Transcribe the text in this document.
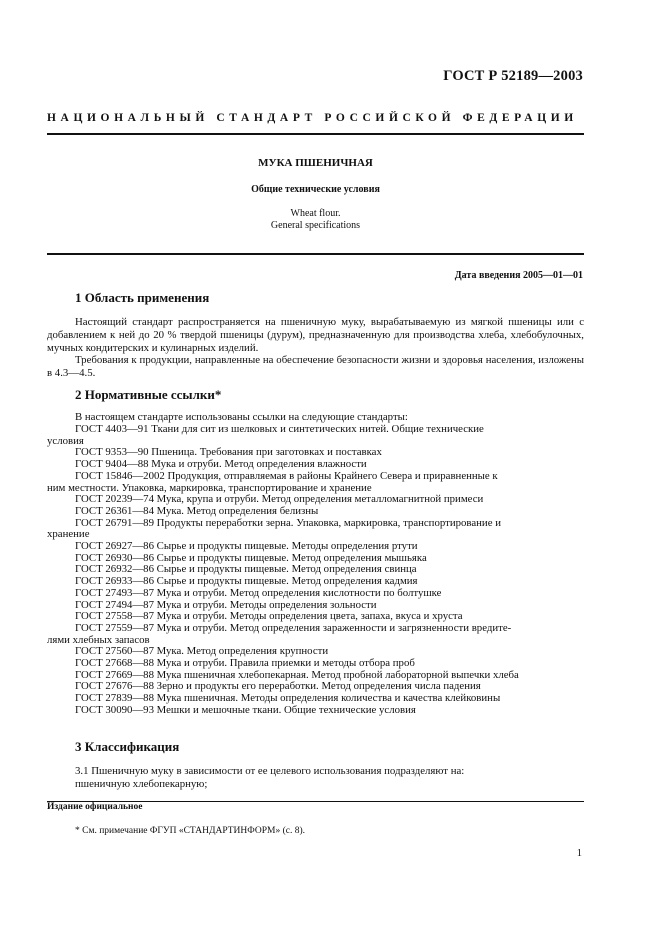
ГОСТ Р 52189—2003
НАЦИОНАЛЬНЫЙ СТАНДАРТ РОССИЙСКОЙ ФЕДЕРАЦИИ
МУКА ПШЕНИЧНАЯ
Общие технические условия
Wheat flour.
General specifications
Дата введения 2005—01—01
1 Область применения
Настоящий стандарт распространяется на пшеничную муку, вырабатываемую из мягкой пшеницы или с добавлением к ней до 20 % твердой пшеницы (дурум), предназначенную для производства хлеба, хлебобулочных, мучных кондитерских и кулинарных изделий.
Требования к продукции, направленные на обеспечение безопасности жизни и здоровья населения, изложены в 4.3—4.5.
2 Нормативные ссылки*
В настоящем стандарте использованы ссылки на следующие стандарты:
ГОСТ 4403—91 Ткани для сит из шелковых и синтетических нитей. Общие технические
условия
ГОСТ 9353—90 Пшеница. Требования при заготовках и поставках
ГОСТ 9404—88 Мука и отруби. Метод определения влажности
ГОСТ 15846—2002 Продукция, отправляемая в районы Крайнего Севера и приравненные к
ним местности. Упаковка, маркировка, транспортирование и хранение
ГОСТ 20239—74 Мука, крупа и отруби. Метод определения металломагнитной примеси
ГОСТ 26361—84 Мука. Метод определения белизны
ГОСТ 26791—89 Продукты переработки зерна. Упаковка, маркировка, транспортирование и
хранение
ГОСТ 26927—86 Сырье и продукты пищевые. Методы определения ртути
ГОСТ 26930—86 Сырье и продукты пищевые. Метод определения мышьяка
ГОСТ 26932—86 Сырье и продукты пищевые. Метод определения свинца
ГОСТ 26933—86 Сырье и продукты пищевые. Метод определения кадмия
ГОСТ 27493—87 Мука и отруби. Метод определения кислотности по болтушке
ГОСТ 27494—87 Мука и отруби. Методы определения зольности
ГОСТ 27558—87 Мука и отруби. Методы определения цвета, запаха, вкуса и хруста
ГОСТ 27559—87 Мука и отруби. Метод определения зараженности и загрязненности вредите-
лями хлебных запасов
ГОСТ 27560—87 Мука. Метод определения крупности
ГОСТ 27668—88 Мука и отруби. Правила приемки и методы отбора проб
ГОСТ 27669—88 Мука пшеничная хлебопекарная. Метод пробной лабораторной выпечки хлеба
ГОСТ 27676—88 Зерно и продукты его переработки. Метод определения числа падения
ГОСТ 27839—88 Мука пшеничная. Методы определения количества и качества клейковины
ГОСТ 30090—93 Мешки и мешочные ткани. Общие технические условия
3 Классификация
3.1 Пшеничную муку в зависимости от ее целевого использования подразделяют на:
пшеничную хлебопекарную;
Издание официальное
* См. примечание ФГУП «СТАНДАРТИНФОРМ» (с. 8).
1
